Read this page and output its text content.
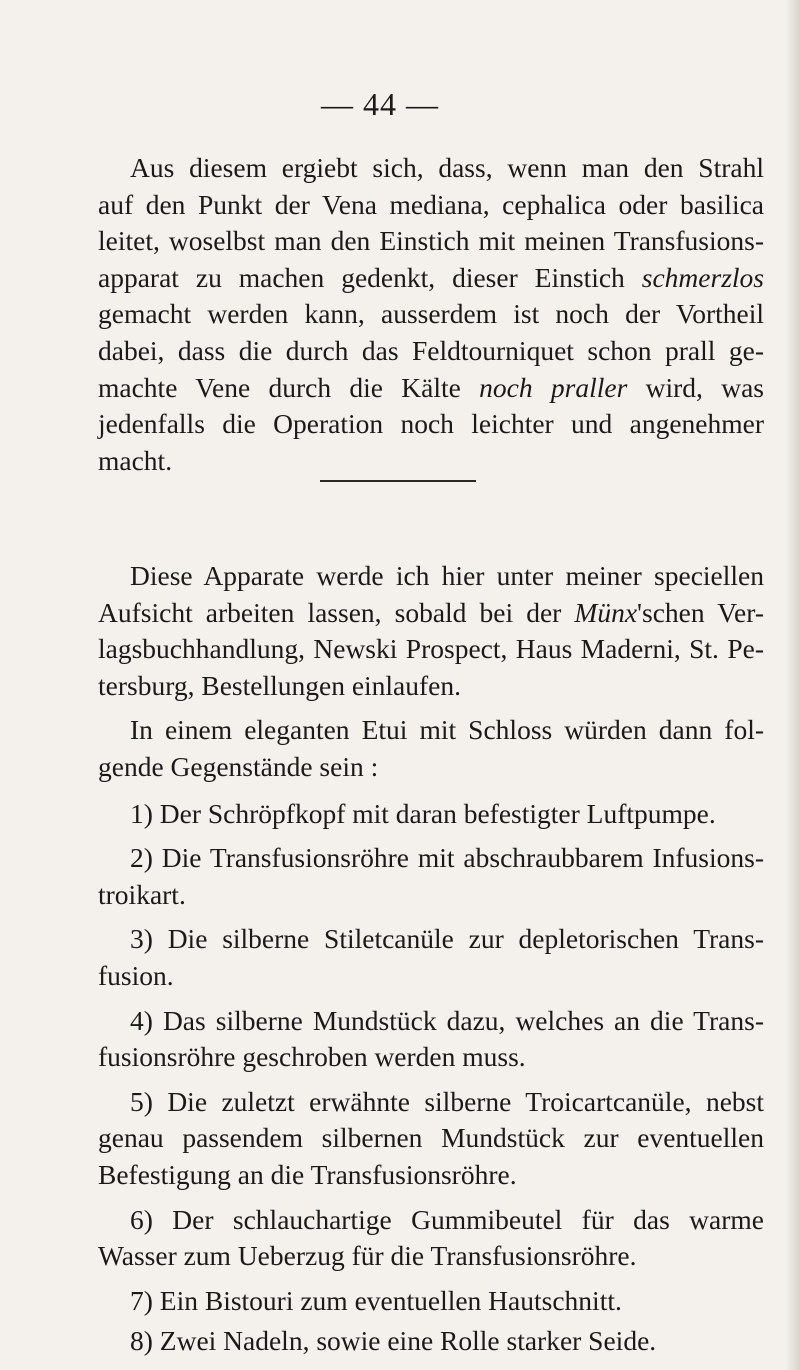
— 44 —

Aus diesem ergiebt sich, dass, wenn man den Strahl
auf den Punkt der Vena mediana, cephalica oder basilica
leitet, woselbst man den Einstich mit meinen Transfusions-
apparat zu machen gedenkt, dieser Einstich schmerzlos
gemacht werden kann, ausserdem ist noch der Vortheil
dabei, dass die durch das Feldtourniquet schon prall ge-
machte Vene durch die Kälte noch praller wird, was
jedenfalls die Operation noch leichter und angenehmer
macht.

Diese Apparate werde ich hier unter meiner speciellen
Aufsicht arbeiten lassen, sobald bei der Münx'schen Ver-
lagsbuchhandlung, Newski Prospect, Haus Maderni, St. Pe-
tersburg, Bestellungen einlaufen.

In einem eleganten Etui mit Schloss würden dann fol-
gende Gegenstände sein :

1) Der Schröpfkopf mit daran befestigter Luftpumpe.

2) Die Transfusionsröhre mit abschraubbarem Infusions-
troikart.

3) Die silberne Stiletcanüle zur depletorischen Trans-
fusion.

4) Das silberne Mundstück dazu, welches an die Trans-
fusionsröhre geschroben werden muss.

5) Die zuletzt erwähnte silberne Troicartcanüle, nebst
genau passendem silbernen Mundstück zur eventuellen
Befestigung an die Transfusionsröhre.

6) Der schlauchartige Gummibeutel für das warme
Wasser zum Ueberzug für die Transfusionsröhre.

7) Ein Bistouri zum eventuellen Hautschnitt.

8) Zwei Nadeln, sowie eine Rolle starker Seide.
